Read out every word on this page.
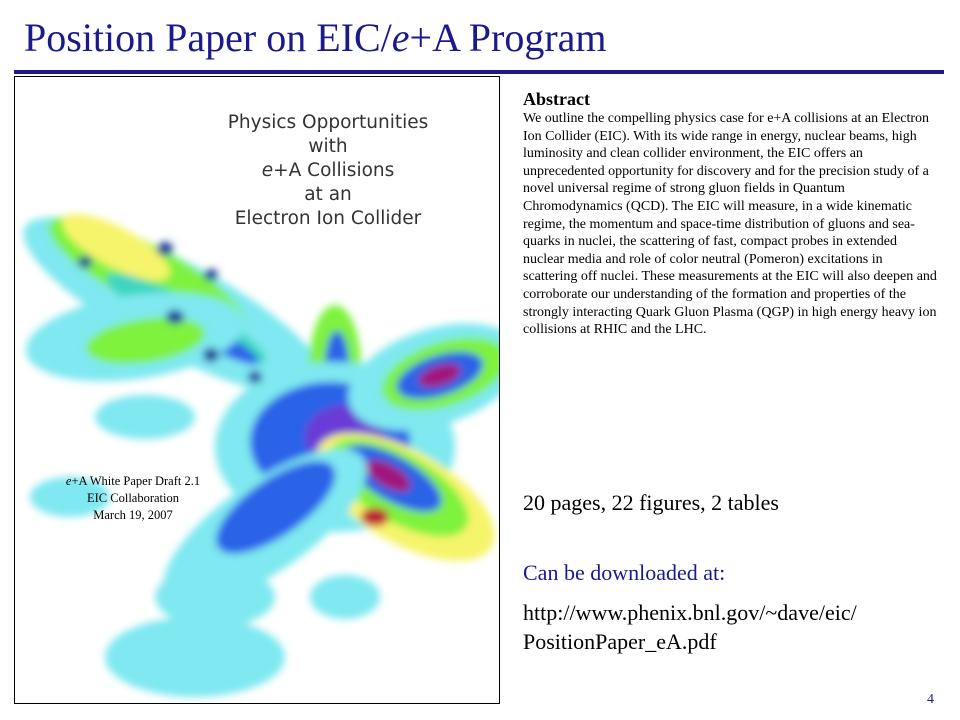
Position Paper on EIC/e+A Program
Physics Opportunities
with
e+A Collisions
at an
Electron Ion Collider
e+A White Paper Draft 2.1
EIC Collaboration
March 19, 2007
Abstract

We outline the compelling physics case for e+A collisions at an Electron Ion Collider (EIC). With its wide range in energy, nuclear beams, high luminosity and clean collider environment, the EIC offers an unprecedented opportunity for discovery and for the precision study of a novel universal regime of strong gluon fields in Quantum Chromodynamics (QCD). The EIC will measure, in a wide kinematic regime, the momentum and space-time distribution of gluons and sea-quarks in nuclei, the scattering of fast, compact probes in extended nuclear media and role of color neutral (Pomeron) excitations in scattering off nuclei. These measurements at the EIC will also deepen and corroborate our understanding of the formation and properties of the strongly interacting Quark Gluon Plasma (QGP) in high energy heavy ion collisions at RHIC and the LHC.

20 pages, 22 figures, 2 tables
Can be downloaded at:
http://www.phenix.bnl.gov/~dave/eic/
PositionPaper_eA.pdf
4
